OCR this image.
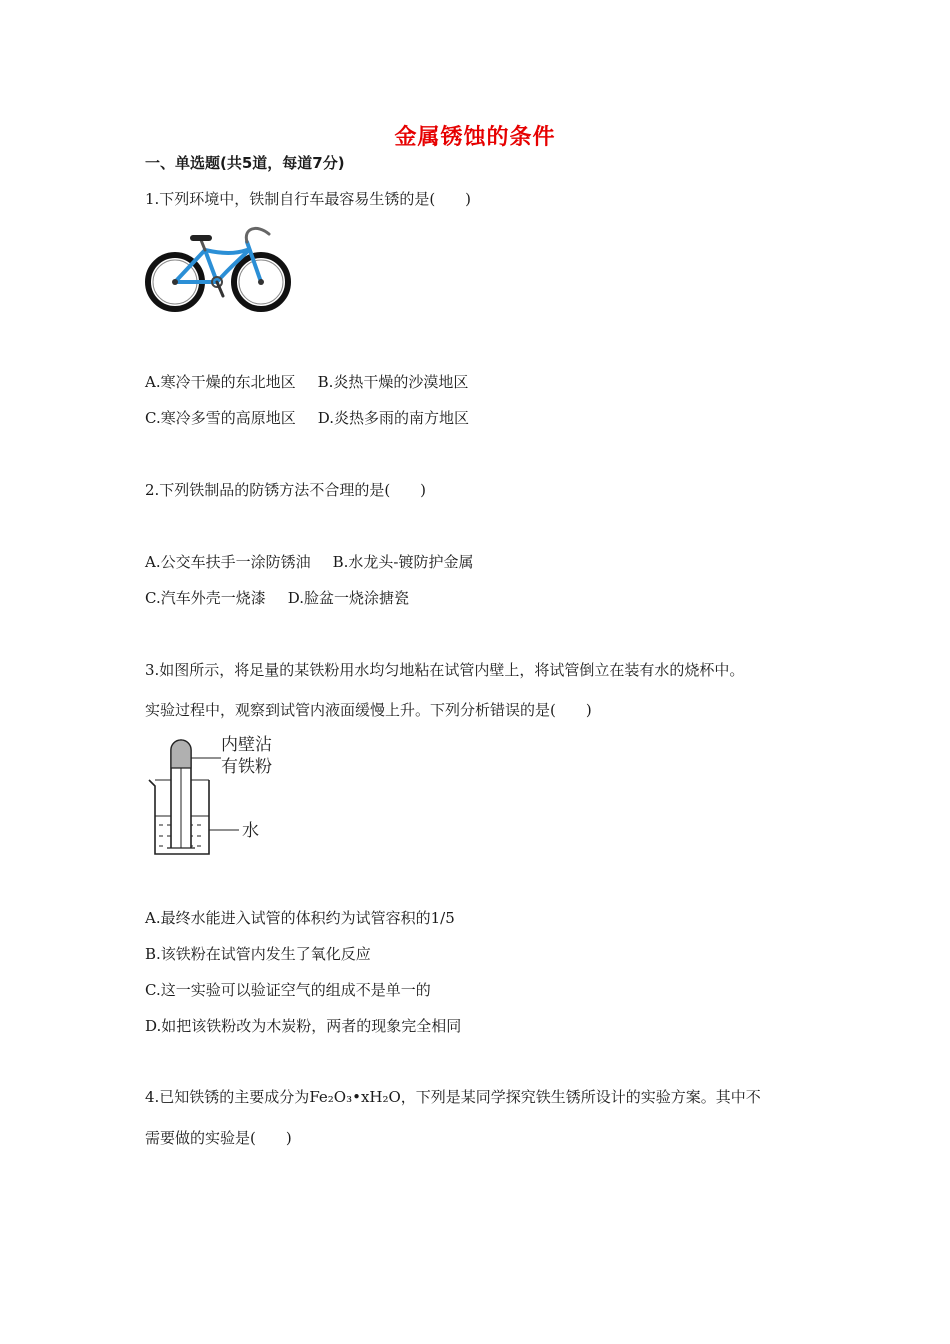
金属锈蚀的条件
一、单选题(共5道，每道7分)
1.下列环境中，铁制自行车最容易生锈的是(　　)
A.寒冷干燥的东北地区 B.炎热干燥的沙漠地区
C.寒冷多雪的高原地区 D.炎热多雨的南方地区
2.下列铁制品的防锈方法不合理的是(　　)
A.公交车扶手一涂防锈油 B.水龙头-镀防护金属
C.汽车外壳一烧漆 D.脸盆一烧涂搪瓷
3.如图所示，将足量的某铁粉用水均匀地粘在试管内壁上，将试管倒立在装有水的烧杯中。
实验过程中，观察到试管内液面缓慢上升。下列分析错误的是(　　)
内壁沾
有铁粉
水
A.最终水能进入试管的体积约为试管容积的1/5
B.该铁粉在试管内发生了氧化反应
C.这一实验可以验证空气的组成不是单一的
D.如把该铁粉改为木炭粉，两者的现象完全相同
4.已知铁锈的主要成分为Fe₂O₃•xH₂O，下列是某同学探究铁生锈所设计的实验方案。其中不
需要做的实验是(　　)
